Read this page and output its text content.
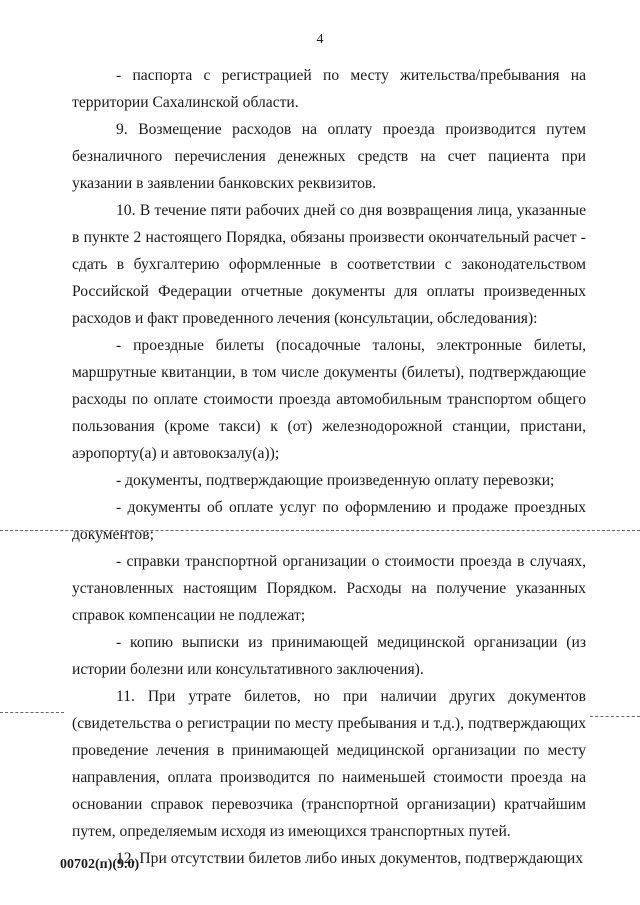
4

- паспорта с регистрацией по месту жительства/пребывания на территории Сахалинской области.

9. Возмещение расходов на оплату проезда производится путем безналичного перечисления денежных средств на счет пациента при указании в заявлении банковских реквизитов.

10. В течение пяти рабочих дней со дня возвращения лица, указанные в пункте 2 настоящего Порядка, обязаны произвести окончательный расчет - сдать в бухгалтерию оформленные в соответствии с законодательством Российской Федерации отчетные документы для оплаты произведенных расходов и факт проведенного лечения (консультации, обследования):

- проездные билеты (посадочные талоны, электронные билеты, маршрутные квитанции, в том числе документы (билеты), подтверждающие расходы по оплате стоимости проезда автомобильным транспортом общего пользования (кроме такси) к (от) железнодорожной станции, пристани, аэропорту(а) и автовокзалу(а));

- документы, подтверждающие произведенную оплату перевозки;

- документы об оплате услуг по оформлению и продаже проездных документов;

- справки транспортной организации о стоимости проезда в случаях, установленных настоящим Порядком. Расходы на получение указанных справок компенсации не подлежат;

- копию выписки из принимающей медицинской организации (из истории болезни или консультативного заключения).

11. При утрате билетов, но при наличии других документов (свидетельства о регистрации по месту пребывания и т.д.), подтверждающих проведение лечения в принимающей медицинской организации по месту направления, оплата производится по наименьшей стоимости проезда на основании справок перевозчика (транспортной организации) кратчайшим путем, определяемым исходя из имеющихся транспортных путей.

12. При отсутствии билетов либо иных документов, подтверждающих

00702(п)(9.0)
